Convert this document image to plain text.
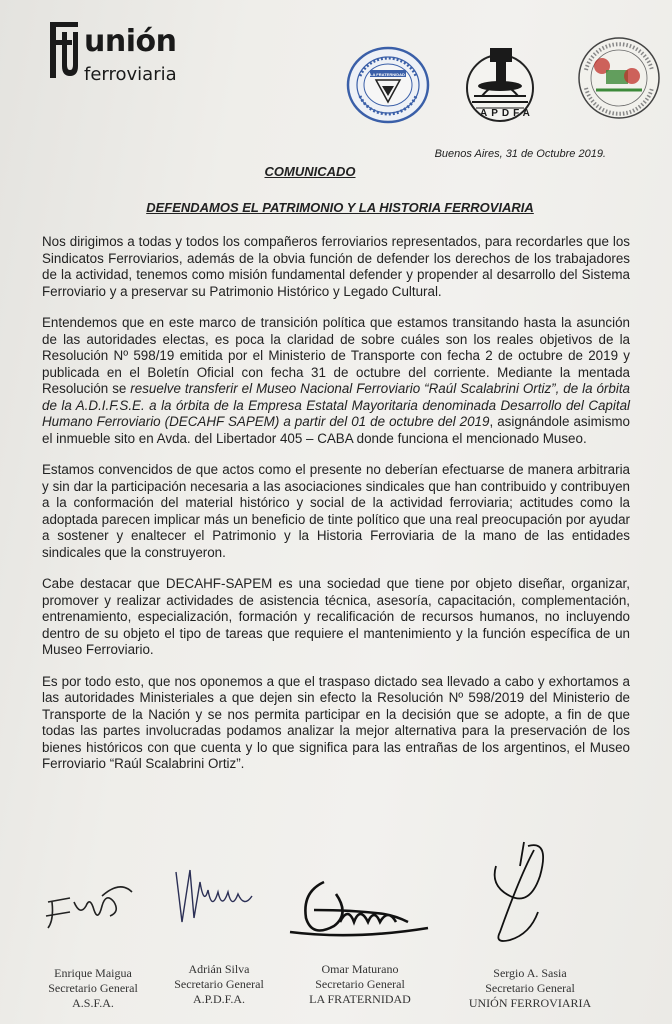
unión
ferroviaria	LA FRATERNIDAD
APDFA
Buenos Aires, 31 de Octubre 2019.
COMUNICADO
DEFENDAMOS EL PATRIMONIO Y LA HISTORIA FERROVIARIA

Nos dirigimos a todas y todos los compañeros ferroviarios representados, para recordarles que los Sindicatos Ferroviarios, además de la obvia función de defender los derechos de los trabajadores de la actividad, tenemos como misión fundamental defender y propender al desarrollo del Sistema Ferroviario y a preservar su Patrimonio Histórico y Legado Cultural.

Entendemos que en este marco de transición política que estamos transitando hasta la asunción de las autoridades electas, es poca la claridad de sobre cuáles son los reales objetivos de la Resolución Nº 598/19 emitida por el Ministerio de Transporte con fecha 2 de octubre de 2019 y publicada en el Boletín Oficial con fecha 31 de octubre del corriente. Mediante la mentada Resolución se resuelve transferir el Museo Nacional Ferroviario “Raúl Scalabrini Ortiz”, de la órbita de la A.D.I.F.S.E. a la órbita de la Empresa Estatal Mayoritaria denominada Desarrollo del Capital Humano Ferroviario (DECAHF SAPEM) a partir del 01 de octubre del 2019, asignándole asimismo el inmueble sito en Avda. del Libertador 405 – CABA donde funciona el mencionado Museo.

Estamos convencidos de que actos como el presente no deberían efectuarse de manera arbitraria y sin dar la participación necesaria a las asociaciones sindicales que han contribuido y contribuyen a la conformación del material histórico y social de la actividad ferroviaria; actitudes como la adoptada parecen implicar más un beneficio de tinte político que una real preocupación por ayudar a sostener y enaltecer el Patrimonio y la Historia Ferroviaria de la mano de las entidades sindicales que la construyeron.

Cabe destacar que DECAHF-SAPEM es una sociedad que tiene por objeto diseñar, organizar, promover y realizar actividades de asistencia técnica, asesoría, capacitación, complementación, entrenamiento, especialización, formación y recalificación de recursos humanos, no incluyendo dentro de su objeto el tipo de tareas que requiere el mantenimiento y la función específica de un Museo Ferroviario.

Es por todo esto, que nos oponemos a que el traspaso dictado sea llevado a cabo y exhortamos a las autoridades Ministeriales a que dejen sin efecto la Resolución Nº 598/2019 del Ministerio de Transporte de la Nación y se nos permita participar en la decisión que se adopte, a fin de que todas las partes involucradas podamos analizar la mejor alternativa para la preservación de los bienes históricos con que cuenta y lo que significa para las entrañas de los argentinos, el Museo Ferroviario “Raúl Scalabrini Ortiz”.

Enrique Maigua
Secretario General
A.S.F.A.
Adrián Silva
Secretario General
A.P.D.F.A.
Omar Maturano
Secretario General
LA FRATERNIDAD
Sergio A. Sasia
Secretario General
UNIÓN FERROVIARIA
